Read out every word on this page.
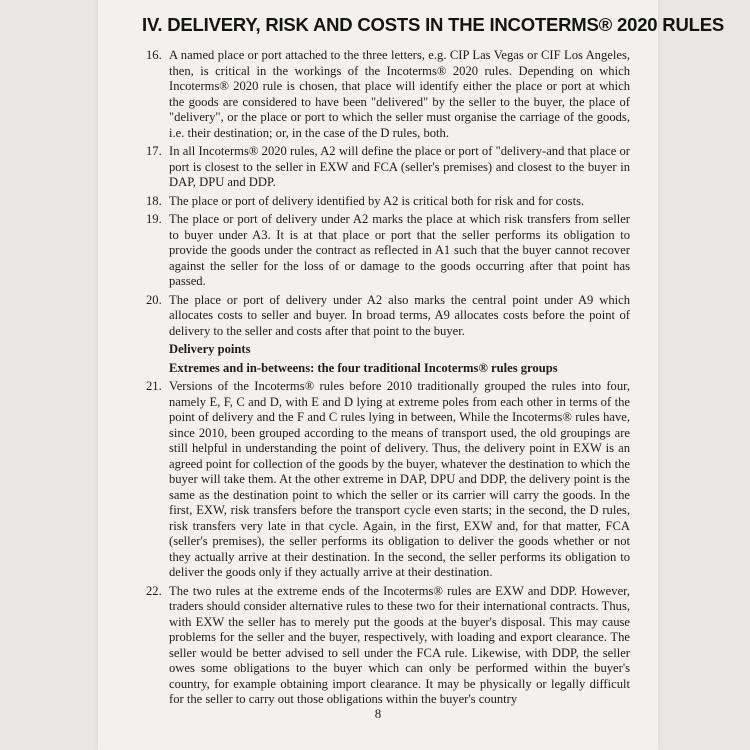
IV. DELIVERY, RISK AND COSTS IN THE INCOTERMS® 2020 RULES
16. A named place or port attached to the three letters, e.g. CIP Las Vegas or CIF Los Angeles, then, is critical in the workings of the Incoterms® 2020 rules. Depending on which Incoterms® 2020 rule is chosen, that place will identify either the place or port at which the goods are considered to have been "delivered" by the seller to the buyer, the place of "delivery", or the place or port to which the seller must organise the carriage of the goods, i.e. their destination; or, in the case of the D rules, both.
17. In all Incoterms® 2020 rules, A2 will define the place or port of "delivery-and that place or port is closest to the seller in EXW and FCA (seller's premises) and closest to the buyer in DAP, DPU and DDP.
18. The place or port of delivery identified by A2 is critical both for risk and for costs.
19. The place or port of delivery under A2 marks the place at which risk transfers from seller to buyer under A3. It is at that place or port that the seller performs its obligation to provide the goods under the contract as reflected in A1 such that the buyer cannot recover against the seller for the loss of or damage to the goods occurring after that point has passed.
20. The place or port of delivery under A2 also marks the central point under A9 which allocates costs to seller and buyer. In broad terms, A9 allocates costs before the point of delivery to the seller and costs after that point to the buyer.
Delivery points
Extremes and in-betweens: the four traditional Incoterms® rules groups
21. Versions of the Incoterms® rules before 2010 traditionally grouped the rules into four, namely E, F, C and D, with E and D lying at extreme poles from each other in terms of the point of delivery and the F and C rules lying in between, While the Incoterms® rules have, since 2010, been grouped according to the means of transport used, the old groupings are still helpful in understanding the point of delivery. Thus, the delivery point in EXW is an agreed point for collection of the goods by the buyer, whatever the destination to which the buyer will take them. At the other extreme in DAP, DPU and DDP, the delivery point is the same as the destination point to which the seller or its carrier will carry the goods. In the first, EXW, risk transfers before the transport cycle even starts; in the second, the D rules, risk transfers very late in that cycle. Again, in the first, EXW and, for that matter, FCA (seller's premises), the seller performs its obligation to deliver the goods whether or not they actually arrive at their destination. In the second, the seller performs its obligation to deliver the goods only if they actually arrive at their destination.
22. The two rules at the extreme ends of the Incoterms® rules are EXW and DDP. However, traders should consider alternative rules to these two for their international contracts. Thus, with EXW the seller has to merely put the goods at the buyer's disposal. This may cause problems for the seller and the buyer, respectively, with loading and export clearance. The seller would be better advised to sell under the FCA rule. Likewise, with DDP, the seller owes some obligations to the buyer which can only be performed within the buyer's country, for example obtaining import clearance. It may be physically or legally difficult for the seller to carry out those obligations within the buyer's country
8
